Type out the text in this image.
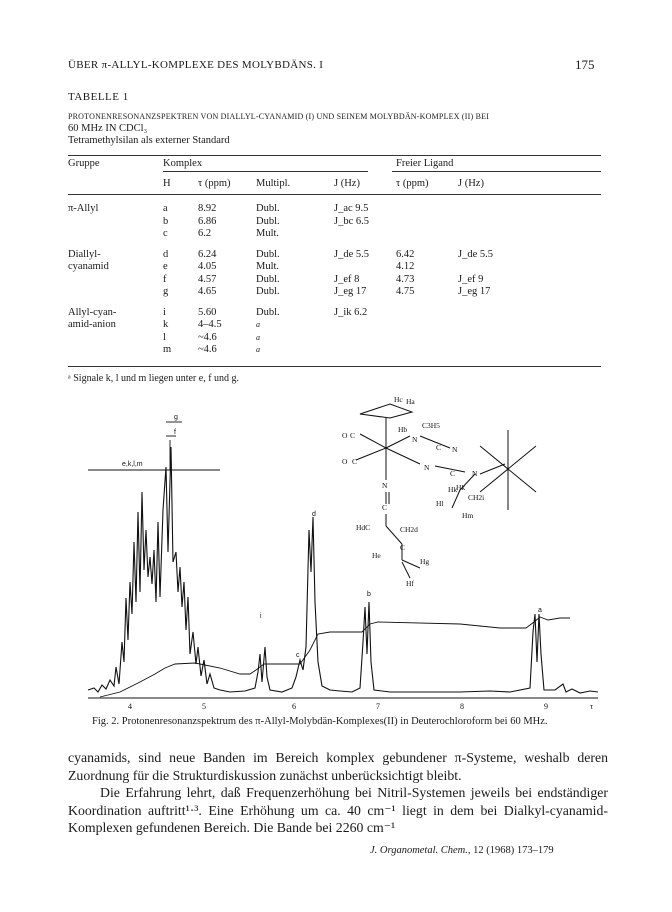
ÜBER π-ALLYL-KOMPLEXE DES MOLYBDÄNS. I	175
TABELLE 1
PROTONENRESONANZSPEKTREN VON DIALLYL-CYANAMID (I) UND SEINEM MOLYBDÄN-KOMPLEX (II) BEI
60 MHz IN CDCl₃
Tetramethylsilan als externer Standard
Gruppe	Komplex				Freier Ligand	
	H	τ (ppm)	Multipl.	J (Hz)	τ (ppm)	J (Hz)

π-Allyl	a	8.92	Dubl.	J_ac 9.5		
	b	6.86	Dubl.	J_bc 6.5		
	c	6.2	Mult.			

Diallyl-	d	6.24	Dubl.	J_de 5.5	6.42	J_de 5.5
cyanamid	e	4.05	Mult.		4.12	
	f	4.57	Dubl.	J_ef 8	4.73	J_ef 9
	g	4.65	Dubl.	J_eg 17	4.75	J_eg 17

Allyl-cyan-	i	5.60	Dubl.	J_ik 6.2		
amid-anion	k	4–4.5	a			
	l	~4.6	a			
	m	~4.6	a			
ᵃ Signale k, l und m liegen unter e, f und g.
4	5	6	7	8	9	τ
e,k,l,m
g
f
i
c
d
b
a
Hc Ha
Hb C3H5
N
C N
O C
O C
N
C N
Hk
CH2i
Hl
Hm
HdC	CH2d
He
C
Hg
Hf
C
N	Hk
Fig. 2. Protonenresonanzspektrum des π-Allyl-Molybdän-Komplexes(II) in Deuterochloroform bei 60 MHz.

cyanamids, sind neue Banden im Bereich komplex gebundener π-Systeme, weshalb deren Zuordnung für die Strukturdiskussion zunächst unberücksichtigt bleibt.

Die Erfahrung lehrt, daß Frequenzerhöhung bei Nitril-Systemen jeweils bei endständiger Koordination auftritt¹·³. Eine Erhöhung um ca. 40 cm⁻¹ liegt in dem bei Dialkyl-cyanamid-Komplexen gefundenen Bereich. Die Bande bei 2260 cm⁻¹

J. Organometal. Chem., 12 (1968) 173–179
